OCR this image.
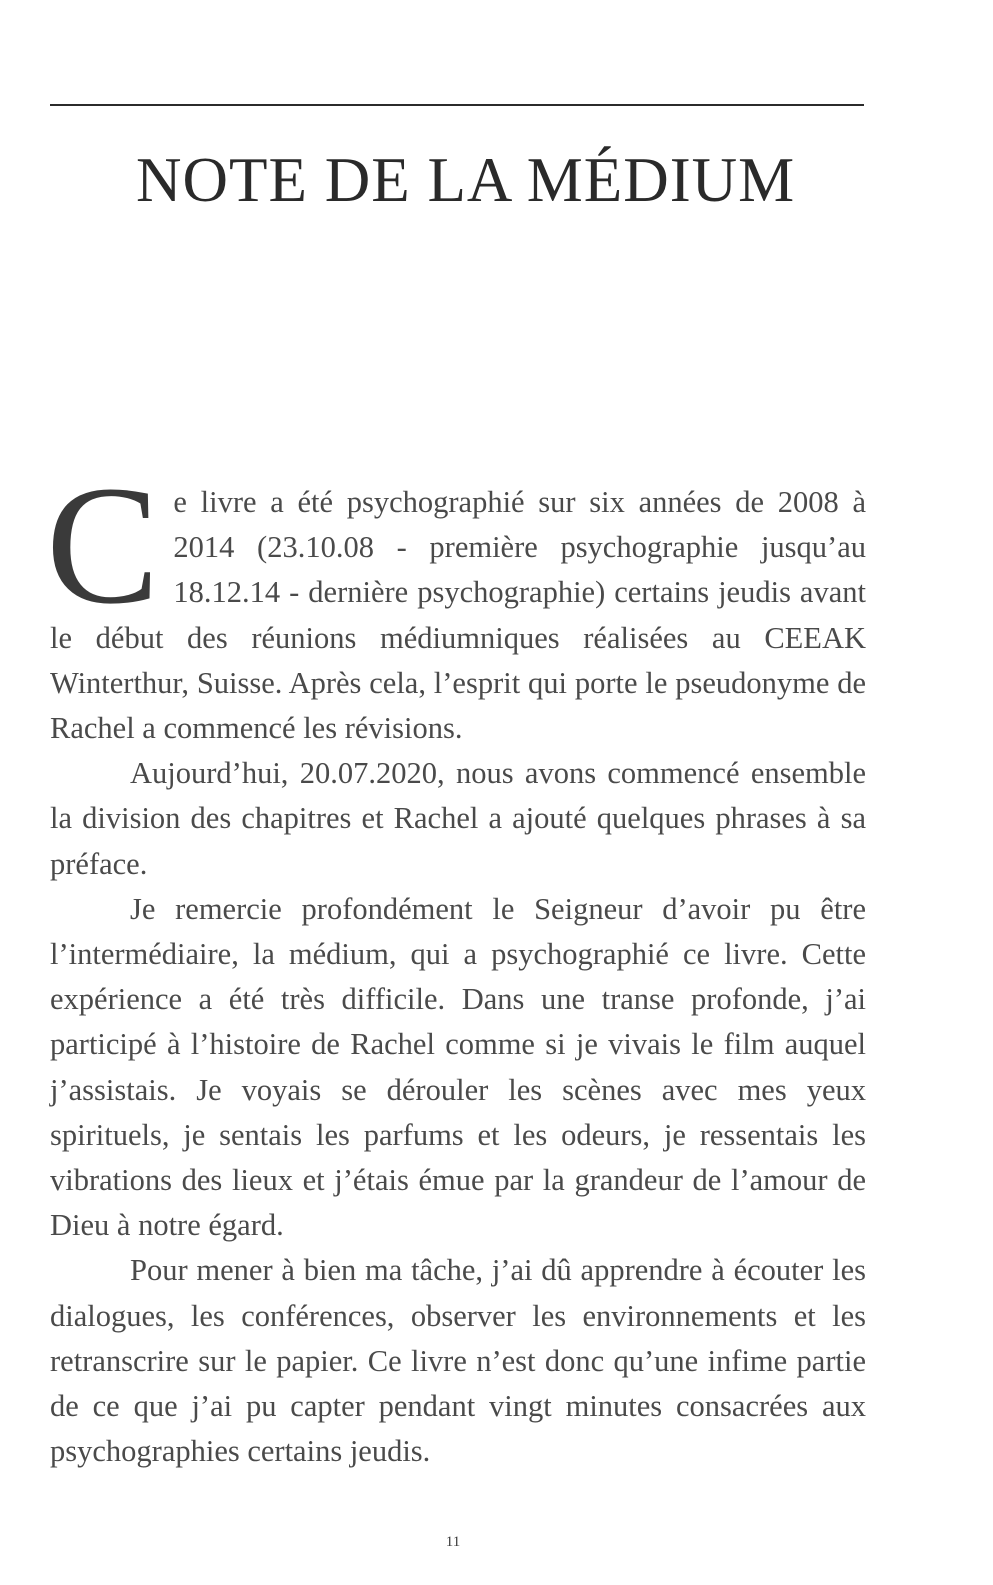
NOTE DE LA MÉDIUM

Ce livre a été psychographié sur six années de 2008 à 2014 (23.10.08 - première psychographie jusqu’au 18.12.14 - dernière psychographie) certains jeudis avant le début des réunions médiumniques réalisées au CEEAK Winterthur, Suisse. Après cela, l’esprit qui porte le pseudonyme de Rachel a commencé les révisions.

Aujourd’hui, 20.07.2020, nous avons commencé ensemble la division des chapitres et Rachel a ajouté quelques phrases à sa préface.

Je remercie profondément le Seigneur d’avoir pu être l’intermédiaire, la médium, qui a psychographié ce livre. Cette expérience a été très difficile. Dans une transe profonde, j’ai participé à l’histoire de Rachel comme si je vivais le film auquel j’assistais. Je voyais se dérouler les scènes avec mes yeux spirituels, je sentais les parfums et les odeurs, je ressentais les vibrations des lieux et j’étais émue par la grandeur de l’amour de Dieu à notre égard.

Pour mener à bien ma tâche, j’ai dû apprendre à écouter les dialogues, les conférences, observer les environnements et les retranscrire sur le papier. Ce livre n’est donc qu’une infime partie de ce que j’ai pu capter pendant vingt minutes consacrées aux psychographies certains jeudis.

11
